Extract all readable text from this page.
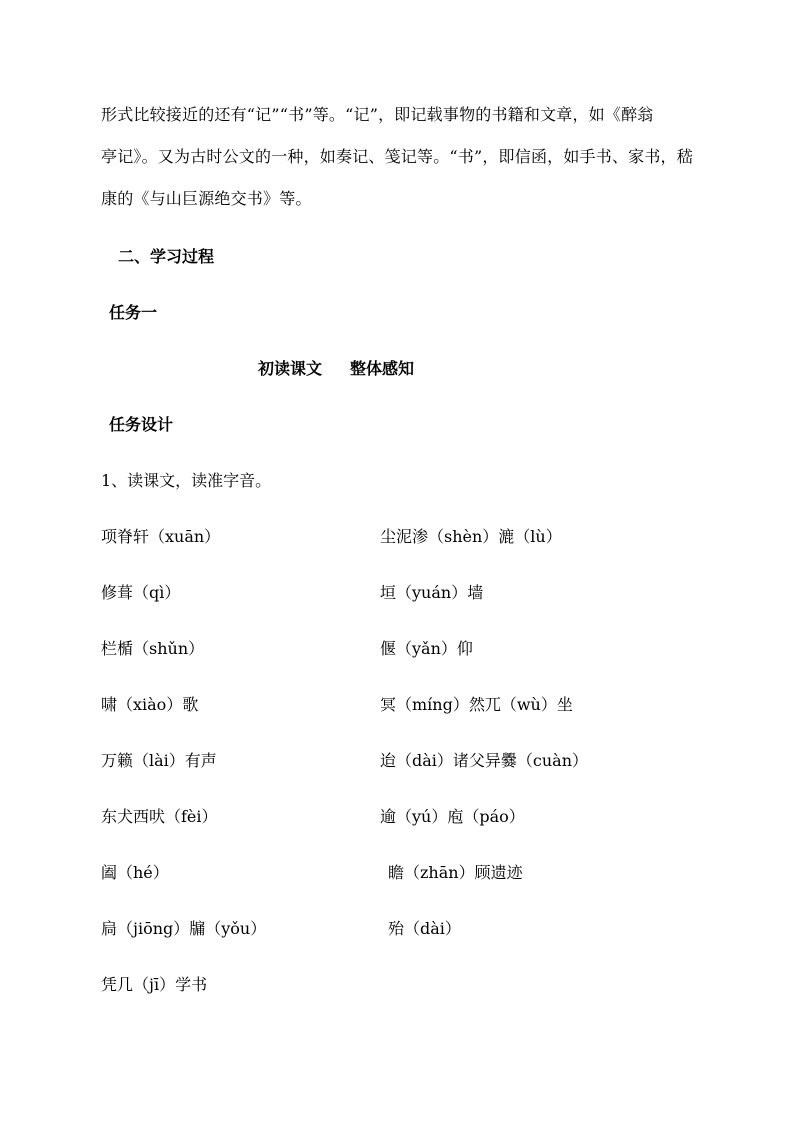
形式比较接近的还有“记”“书”等。“记”，即记载事物的书籍和文章，如《醉翁
亭记》。又为古时公文的一种，如奏记、笺记等。“书”，即信函，如手书、家书，嵇
康的《与山巨源绝交书》等。
二、学习过程
任务一
初读课文 整体感知
任务设计
1、读课文，读准字音。
项脊轩（xuān）
修葺（qì）
栏楯（shǔn）
啸（xiào）歌
万籁（lài）有声
东犬西吠（fèi）
阖（hé）
扃（jiōng）牖（yǒu）
凭几（jī）学书
尘泥渗（shèn）漉（lù）
垣（yuán）墙
偃（yǎn）仰
冥（míng）然兀（wù）坐
迨（dài）诸父异爨（cuàn）
逾（yú）庖（páo）
瞻（zhān）顾遗迹
殆（dài）
